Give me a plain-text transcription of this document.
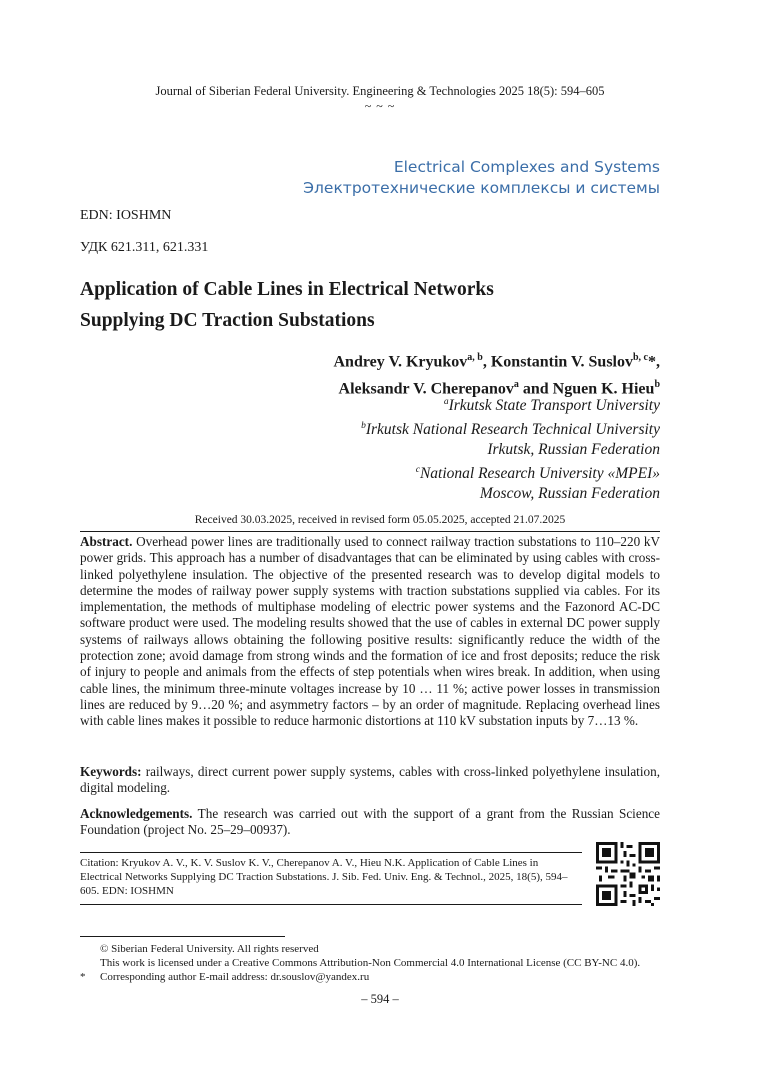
Journal of Siberian Federal University. Engineering & Technologies 2025 18(5): 594–605
~ ~ ~
Electrical Complexes and Systems
Электротехнические комплексы и системы
EDN: IOSHMN
УДК 621.311, 621.331
Application of Cable Lines in Electrical Networks
Supplying DC Traction Substations
Andrey V. Kryukov$^{a, b}$, Konstantin V. Suslov$^{b, c}$*,
Aleksandr V. Cherepanov$^a$ and Nguen K. Hieu$^b$
$^a$Irkutsk State Transport University
$^b$Irkutsk National Research Technical University
Irkutsk, Russian Federation
$^c$National Research University «MPEI»
Moscow, Russian Federation
Received 30.03.2025, received in revised form 05.05.2025, accepted 21.07.2025
Abstract. Overhead power lines are traditionally used to connect railway traction substations to 110–220 kV power grids. This approach has a number of disadvantages that can be eliminated by using cables with cross-linked polyethylene insulation. The objective of the presented research was to develop digital models to determine the modes of railway power supply systems with traction substations supplied via cables. For its implementation, the methods of multiphase modeling of electric power systems and the Fazonord AC-DC software product were used. The modeling results showed that the use of cables in external DC power supply systems of railways allows obtaining the following positive results: significantly reduce the width of the protection zone; avoid damage from strong winds and the formation of ice and frost deposits; reduce the risk of injury to people and animals from the effects of step potentials when wires break. In addition, when using cable lines, the minimum three-minute voltages increase by 10 … 11 %; active power losses in transmission lines are reduced by 9…20 %; and asymmetry factors – by an order of magnitude. Replacing overhead lines with cable lines makes it possible to reduce harmonic distortions at 110 kV substation inputs by 7…13 %.
Keywords: railways, direct current power supply systems, cables with cross-linked polyethylene insulation, digital modeling.
Acknowledgements. The research was carried out with the support of a grant from the Russian Science Foundation (project No. 25–29–00937).
Citation: Kryukov A. V., K. V. Suslov K. V., Cherepanov A. V., Hieu N.K. Application of Cable Lines in Electrical Networks Supplying DC Traction Substations. J. Sib. Fed. Univ. Eng. & Technol., 2025, 18(5), 594–605. EDN: IOSHMN
© Siberian Federal University. All rights reserved
This work is licensed under a Creative Commons Attribution-Non Commercial 4.0 International License (CC BY-NC 4.0).
* Corresponding author E-mail address: dr.souslov@yandex.ru
– 594 –
